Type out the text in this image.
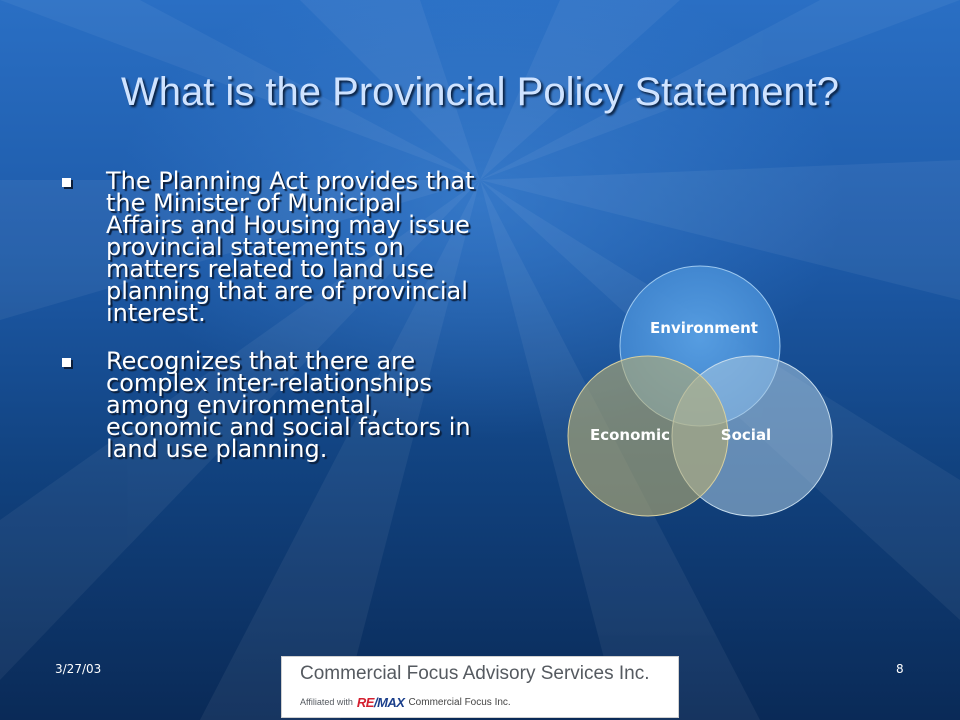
What is the Provincial Policy Statement?
The Planning Act provides that the Minister of Municipal Affairs and Housing may issue provincial statements on matters related to land use planning that are of provincial interest.
Recognizes that there are complex inter-relationships among environmental, economic and social factors in land use planning.
Environment
Economic	Social
3/27/03	8
Commercial Focus Advisory Services Inc.
Affiliated with RE/MAX Commercial Focus Inc.
